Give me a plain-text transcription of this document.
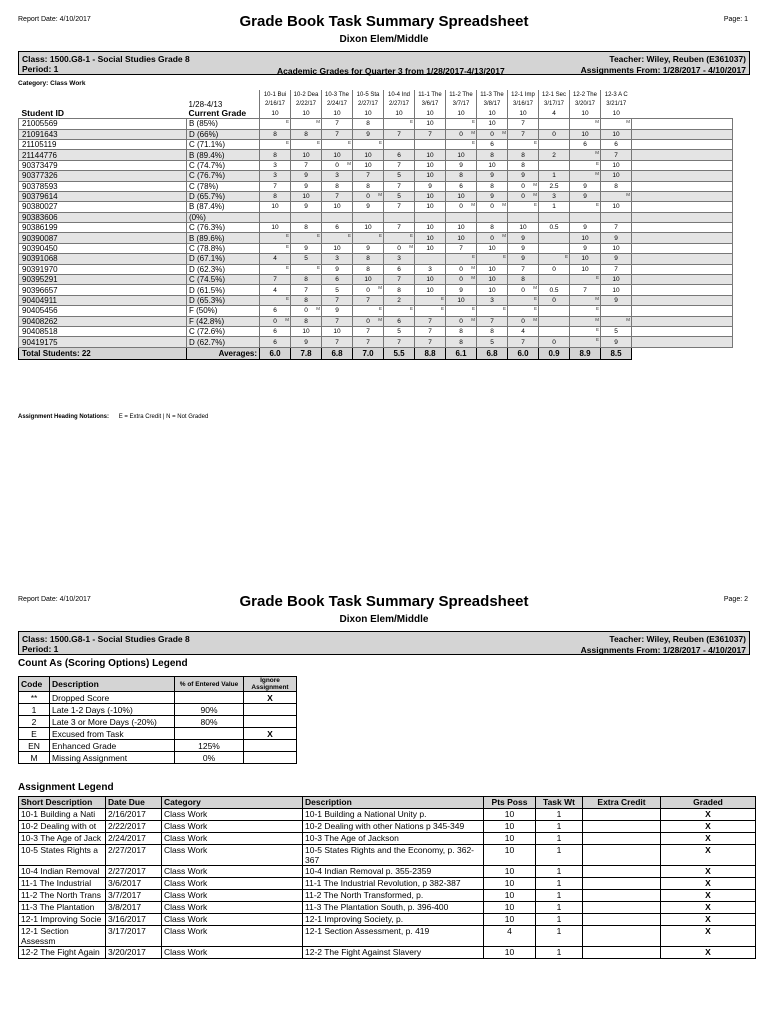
Report Date: 4/10/2017	Grade Book Task Summary Spreadsheet
Dixon Elem/Middle
Page: 1
Class: 1500.G8-1 - Social Studies Grade 8
Period: 1
Teacher: Wiley, Reuben (E361037)
Academic Grades for Quarter 3 from 1/28/2017-4/13/2017	Assignments From: 1/28/2017 - 4/10/2017
Category: Class Work
		10-1 Bui	10-2 Dea	10-3 The	10-5 Sta	10-4 Ind	11-1 The	11-2 The	11-3 The	12-1 Imp	12-1 Sec	12-2 The	12-3 A C	
	1/28-4/13	2/16/17	2/22/17	2/24/17	2/27/17	2/27/17	3/6/17	3/7/17	3/8/17	3/16/17	3/17/17	3/20/17	3/21/17	
Student ID	Current Grade	10	10	10	10	10	10	10	10	10	4	10	10	
21005569	B (85%)	E	M	7	8	E	10	E	10	7		M	M	

21091643	D (66%)	8	8	7	9	7	7	0 M	0 M	7	0	10	10	
21105119	C (71.1%)	E	E	E	E			E	6	E		6	6	
21144776	B (89.4%)	8	10	10	10	6	10	10	8	8	2	M	7	
90373479	C (74.7%)	3	7	0 M	10	7	10	9	10	8		E	10	
90377326	C (76.7%)	3	9	3	7	5	10	8	9	9	1	M	10	
90378593	C (78%)	7	9	8	8	7	9	6	8	0 M	2.5	9	8	
90379614	D (65.7%)	8	10	7	0 M	5	10	10	9	0 M	3	9	M	

90380027	B (87.4%)	10	9	10	9	7	10	0 M	0 M	E	1	E	10	
90383606	(0%)													
90386199	C (76.3%)	10	8	6	10	7	10	10	8	10	0.5	9	7	
90390087	B (89.6%)	E	E	E	E	E	10	10	0 M	9		10	9	
90390450	C (78.8%)	E	9	10	9	0 M	10	7	10	9		9	10	
90391068	D (67.1%)	4	5	3	8	3		E	E	9	E	10	9	
90391970	D (62.3%)	E	E	9	8	6	3	0 M	10	7	0	10	7	
90395291	C (74.5%)	7	8	6	10	7	10	0 M	10	8		E	10	
90396657	D (61.5%)	4	7	5	0 M	8	10	9	10	0 M	0.5	7	10	
90404911	D (65.3%)	E	8	7	7	2	E	10	3	E	0	M	9	
90405456	F (50%)	6	0 M	9	E	E	E	E	E	E		E		

90408262	F (42.8%)	0 M	8	7	0 M	6	7	0 M	7	0 M		M	M	

90408518	C (72.6%)	6	10	10	7	5	7	8	8	4		E	5	
90419175	D (62.7%)	6	9	7	7	7	7	8	5	7	0	E	9	
Total Students: 22	Averages:	6.0	7.8	6.8	7.0	5.5	8.8	6.1	6.8	6.0	0.9	8.9	8.5	
Assignment Heading Notations: E = Extra Credit | N = Not Graded
Report Date: 4/10/2017	Grade Book Task Summary Spreadsheet
Dixon Elem/Middle
Page: 2
Class: 1500.G8-1 - Social Studies Grade 8
Period: 1
Teacher: Wiley, Reuben (E361037)
Assignments From: 1/28/2017 - 4/10/2017
Count As (Scoring Options) Legend
Code	Description	% of Entered Value	Ignore Assignment
**	Dropped Score		X
1	Late 1-2 Days (-10%)	90%	
2	Late 3 or More Days (-20%)	80%	
E	Excused from Task		X
EN	Enhanced Grade	125%	
M	Missing Assignment	0%	
Assignment Legend
Short Description	Date Due	Category	Description	Pts Poss	Task Wt	Extra Credit	Graded
10-1 Building a Nati	2/16/2017	Class Work	10-1 Building a National Unity p.	10	1		X
10-2 Dealing with ot	2/22/2017	Class Work	10-2 Dealing with other Nations p 345-349	10	1		X
10-3 The Age of Jack	2/24/2017	Class Work	10-3 The Age of Jackson	10	1		X
10-5 States Rights a	2/27/2017	Class Work	10-5 States Rights and the Economy, p. 362-367	10	1		X
10-4 Indian Removal	2/27/2017	Class Work	10-4 Indian Removal p. 355-2359	10	1		X
11-1 The Industrial	3/6/2017	Class Work	11-1 The Industrial Revolution, p 382-387	10	1		X
11-2 The North Trans	3/7/2017	Class Work	11-2 The North Transformed, p.	10	1		X
11-3 The Plantation	3/8/2017	Class Work	11-3 The Plantation South, p. 396-400	10	1		X
12-1 Improving Socie	3/16/2017	Class Work	12-1 Improving Society, p.	10	1		X
12-1 Section Assessm	3/17/2017	Class Work	12-1 Section Assessment, p. 419	4	1		X
12-2 The Fight Again	3/20/2017	Class Work	12-2 The Fight Against Slavery	10	1		X
